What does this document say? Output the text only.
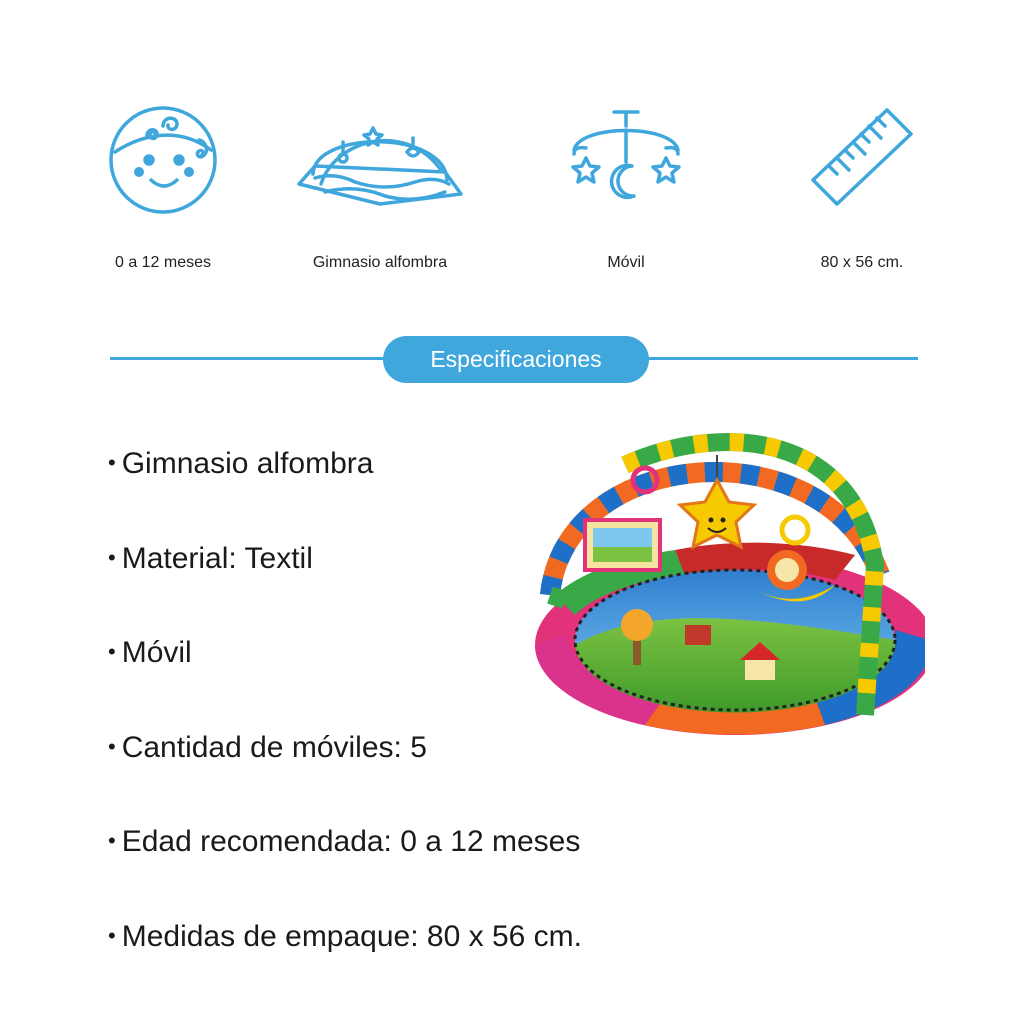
0 a 12 meses	Gimnasio alfombra	Móvil	80 x 56 cm.
Especificaciones
• Gimnasio alfombra
• Material: Textil
• Móvil
• Cantidad de móviles: 5
• Edad recomendada: 0 a 12 meses
• Medidas de empaque: 80 x 56 cm.
